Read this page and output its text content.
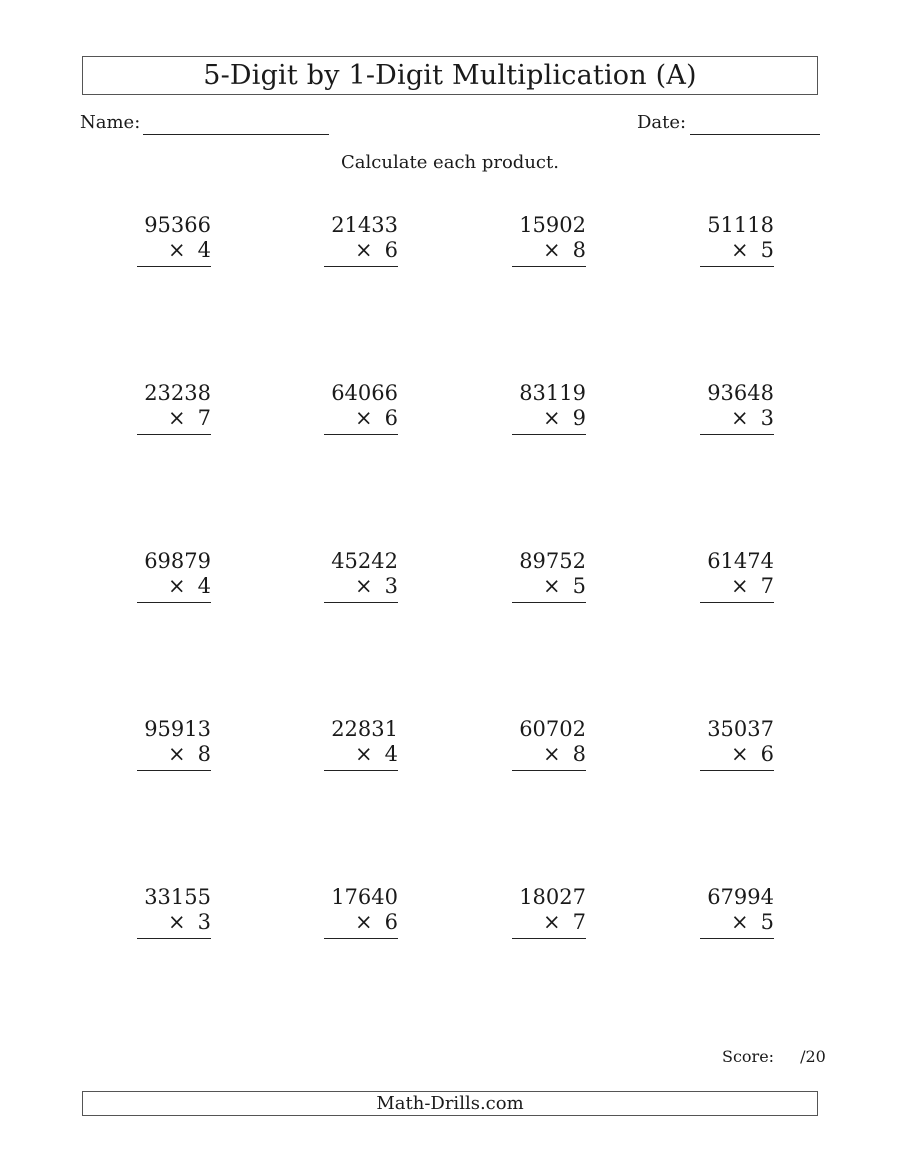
5-Digit by 1-Digit Multiplication (A)
Name:	Date:
Calculate each product.
95366
× 4
21433
× 6
15902
× 8
51118
× 5
23238
× 7
64066
× 6
83119
× 9
93648
× 3
69879
× 4
45242
× 3
89752
× 5
61474
× 7
95913
× 8
22831
× 4
60702
× 8
35037
× 6
33155
× 3
17640
× 6
18027
× 7
67994
× 5
Score: /20
Math-Drills.com
